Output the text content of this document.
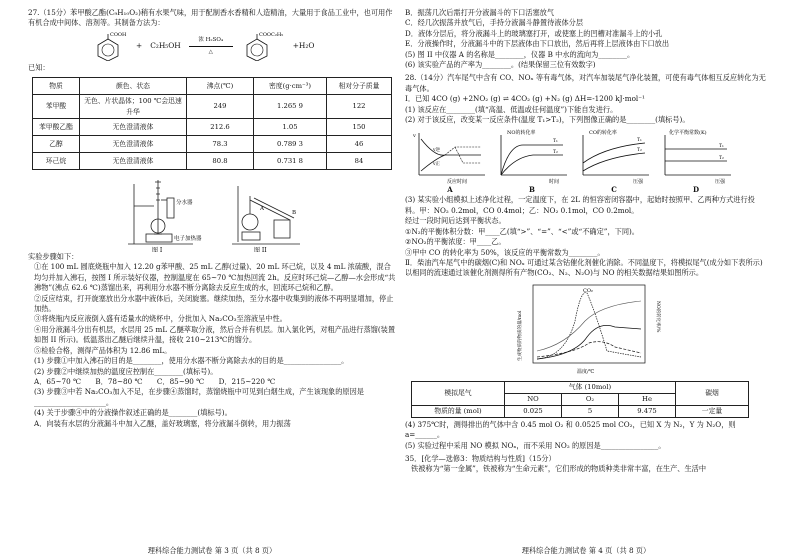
27.（15分）苯甲酸乙酯(C₉H₁₀O₂)稍有水果气味，用于配制香水香精和人造精油，大量用于食品工业中，也可用作有机合成中间体、溶剂等。其制备方法为：

COOH
+ C₂H₅OH
浓 H₂SO₄

△
COOC₂H₅
+H₂O

已知：

物质	颜色、状态	沸点(℃)	密度(g·cm⁻³)	相对分子质量
苯甲酸	无色、片状晶体；100 ℃会迅速升华	249	1.265 9	122
苯甲酸乙酯	无色澄清液体	212.6	1.05	150
乙醇	无色澄清液体	78.3	0.789 3	46
环己烷	无色澄清液体	80.8	0.731 8	84
分水器
电子加热器
图 I
A
B
图 II

实验步骤如下：

①在 100 mL 圆底烧瓶中加入 12.20 g苯甲酸、25 mL 乙醇(过量)、20 mL 环己烷，以及 4 mL 浓硫酸，混合均匀并加入沸石，按图 I 所示装好仪器，控制温度在 65~70 ℃加热回流 2h。反应时环己烷—乙醇—水会形成“共沸物”(沸点 62.6 ℃)蒸馏出来，再利用分水器不断分离除去反应生成的水，回流环己烷和乙醇。

②反应结束，打开旋塞放出分水器中液体后，关闭旋塞。继续加热，至分水器中收集到的液体不再明显增加，停止加热。

③将烧瓶内反应液倒入盛有适量水的烧杯中，分批加入 Na₂CO₃至溶液呈中性。

④用分液漏斗分出有机层，水层用 25 mL 乙醚萃取分液，然后合并有机层。加入氯化钙，对粗产品进行蒸馏(装置如图 II 所示)。低温蒸出乙醚后继续升温，接收 210~213℃的馏分。

⑤检验合格，测得产品体积为 12.86 mL。

(1) 步骤①中加入沸石的目的是________，使用分水器不断分离除去水的目的是________________。

(2) 步骤②中继续加热的温度应控制在________(填标号)。

A．65~70 ℃　　B．78~80 ℃　　C．85~90 ℃　　D．215~220 ℃

(3) 步骤③中若 Na₂CO₃加入不足，在步骤④蒸馏时，蒸馏烧瓶中可见到白烟生成，产生该现象的原因是____________________。

(4) 关于步骤④中的分液操作叙述正确的是________(填标号)。

A．向装有水层的分液漏斗中加入乙醚，盖好玻璃塞，将分液漏斗倒转，用力振荡

理科综合能力测试卷 第 3 页（共 8 页）

B．振荡几次后需打开分液漏斗的下口活塞放气

C．经几次振荡并放气后，手持分液漏斗静置待液体分层

D．液体分层后，将分液漏斗上的玻璃塞打开，或使塞上的凹槽对准漏斗上的小孔

E．分液操作时，分液漏斗中的下层液体由下口放出，然后再将上层液体由下口放出

(5) 图 II 中仪器 A 的名称是________，仪器 B 中水的流向为________。

(6) 该实验产品的产率为________。(结果保留三位有效数字)

28.（14分）汽车尾气中含有 CO、NOₓ 等有毒气体，对汽车加装尾气净化装置，可使有毒气体相互反应转化为无毒气体。

Ⅰ．已知 4CO (g) +2NO₂ (g) ⇌ 4CO₂ (g) +N₂ (g) ΔH=-1200 kJ·mol⁻¹

(1) 该反应在________(填“高温、低温或任何温度”)下能自发进行。

(2) 对于该反应，改变某一反应条件(温度 T₁>T₂)，下列图像正确的是________(填标号)。

v
v逆
v正
反应时间
A
NO的转化率
T₁
T₂
时间
B
CO的转化率
T₁
T₂
压强
C
化学平衡常数(K)
T₁
T₂
压强
D

(3) 某实验小组模拟上述净化过程，一定温度下，在 2L 的恒容密闭容器中，起始时按照甲、乙两种方式进行投料。甲：NO₂ 0.2mol，CO 0.4mol；乙：NO₂ 0.1mol，CO 0.2mol。

经过一段时间后达到平衡状态。

①N₂的平衡体积分数：甲____乙(填“>”、“=”、“<”或“不确定”，下同)。

②NO₂的平衡浓度：甲____乙。

③甲中 CO 的转化率为 50%，该反应的平衡常数为________。

Ⅱ．柴油汽车尾气中的碳烟(C)和 NOₓ 可通过某含钴催化剂催化消除。不同温度下，将模拟尾气(成分如下表所示)以相同的流速通过该催化剂测得所有产物(CO₂、N₂、N₂O)与 NO 的相关数据结果如图所示。

CO₂
生成物质的物质的量/mol	NO的转化率/%
温度/℃
模拟尾气	气体 (10mol)			碳烟
	NO	O₂	He	
物质的量 (mol)	0.025	5	9.475	一定量

(4) 375℃时，测得排出的气体中含 0.45 mol O₂ 和 0.0525 mol CO₂，已知 X 为 N₂，Y 为 N₂O，则 a=______。

(5) 实验过程中采用 NO 模拟 NOₓ，而不采用 NO₂ 的原因是________________。

35．[化学—选修3：物质结构与性质]（15分）

铁被称为“第一金属”，铁被称为“生命元素”，它们形成的物质种类非常丰富，在生产、生活中

理科综合能力测试卷 第 4 页（共 8 页）
